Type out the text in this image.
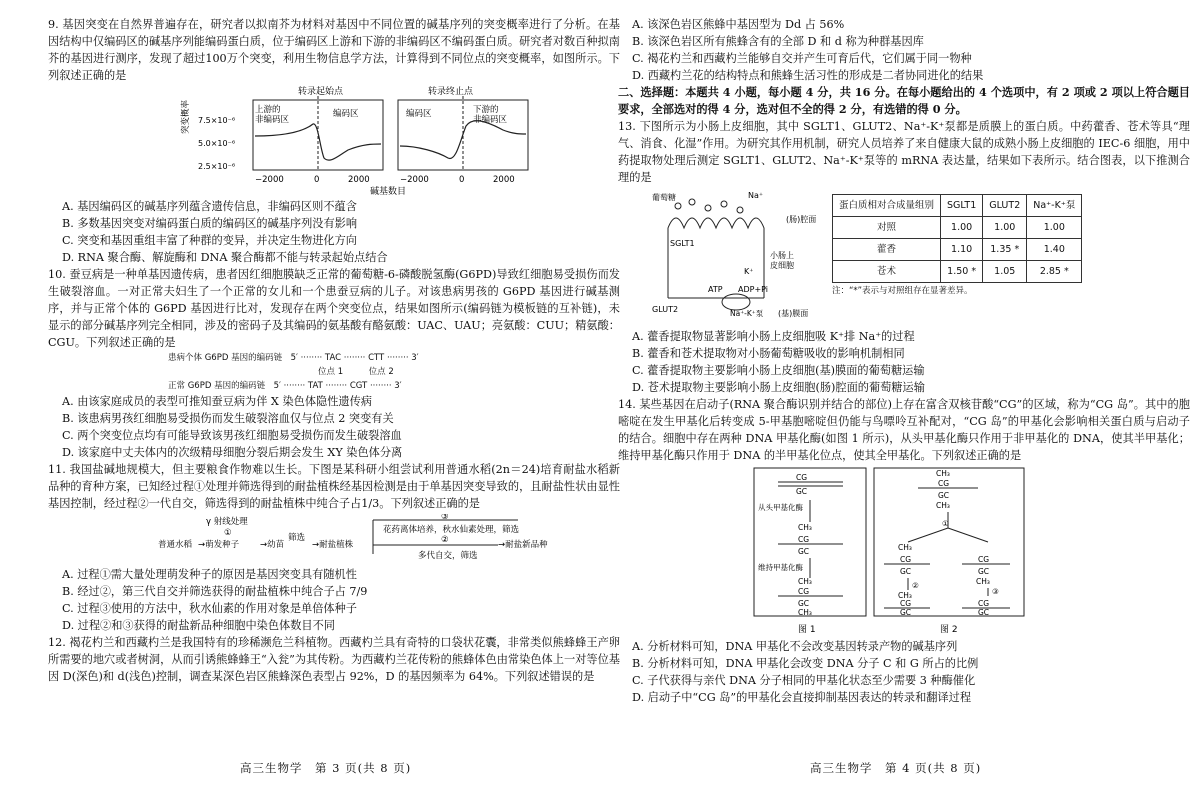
9. 基因突变在自然界普遍存在，研究者以拟南芥为材料对基因中不同位置的碱基序列的突变概率进行了分析。在基因结构中仅编码区的碱基序列能编码蛋白质，位于编码区上游和下游的非编码区不编码蛋白质。研究者对数百种拟南芥的基因进行测序，发现了超过100万个突变，利用生物信息学方法，计算得到不同位点的突变概率，如图所示。下列叙述正确的是

转录起始点	转录终止点
上游的
非编码区
编码区
7.5×10⁻⁶
5.0×10⁻⁶
2.5×10⁻⁶
突变概率
−2000	0	2000
编码区	下游的
非编码区
−2000	0	2000
碱基数目

A. 基因编码区的碱基序列蕴含遗传信息，非编码区则不蕴含

B. 多数基因突变对编码蛋白质的编码区的碱基序列没有影响

C. 突变和基因重组丰富了种群的变异，并决定生物进化方向

D. RNA 聚合酶、解旋酶和 DNA 聚合酶都不能与转录起始点结合

10. 蚕豆病是一种单基因遗传病，患者因红细胞膜缺乏正常的葡萄糖-6-磷酸脱氢酶(G6PD)导致红细胞易受损伤而发生破裂溶血。一对正常夫妇生了一个正常的女儿和一个患蚕豆病的儿子。对该患病男孩的 G6PD 基因进行碱基测序，并与正常个体的 G6PD 基因进行比对，发现存在两个突变位点，结果如图所示(编码链为模板链的互补链)，未显示的部分碱基序列完全相同，涉及的密码子及其编码的氨基酸有酪氨酸：UAC、UAU；亮氨酸：CUU；精氨酸：CGU。下列叙述正确的是

患病个体 G6PD 基因的编码链　5′ ········ TAC ········ CTT ········ 3′
位点 1　　　位点 2
正常 G6PD 基因的编码链　5′ ········ TAT ········ CGT ········ 3′

A. 由该家庭成员的表型可推知蚕豆病为伴 X 染色体隐性遗传病

B. 该患病男孩红细胞易受损伤而发生破裂溶血仅与位点 2 突变有关

C. 两个突变位点均有可能导致该男孩红细胞易受损伤而发生破裂溶血

D. 该家庭中丈夫体内的次级精母细胞分裂后期会发生 XY 染色体分离

11. 我国盐碱地规模大，但主要粮食作物难以生长。下图是某科研小组尝试利用普通水稻(2n＝24)培育耐盐水稻新品种的育种方案，已知经过程①处理并筛选得到的耐盐植株经基因检测是由于单基因突变导致的，且耐盐性状由显性基因控制，经过程②一代自交，筛选得到的耐盐植株中纯合子占1/3。下列叙述正确的是

γ 射线处理
①
普通水稻 →萌发种子 →幼苗
筛选
→耐盐植株
③
花药离体培养，秋水仙素处理，筛选
②
多代自交，筛选
→耐盐新品种

A. 过程①需大量处理萌发种子的原因是基因突变具有随机性

B. 经过②，第三代自交并筛选获得的耐盐植株中纯合子占 7/9

C. 过程③使用的方法中，秋水仙素的作用对象是单倍体种子

D. 过程②和③获得的耐盐新品种细胞中染色体数目不同

12. 褐花杓兰和西藏杓兰是我国特有的珍稀濒危兰科植物。西藏杓兰具有奇特的口袋状花囊，非常类似熊蜂蜂王产卵所需要的地穴或者树洞，从而引诱熊蜂蜂王“入瓮”为其传粉。为西藏杓兰花传粉的熊蜂体色由常染色体上一对等位基因 D(深色)和 d(浅色)控制，调查某深色岩区熊蜂深色表型占 92%，D 的基因频率为 64%。下列叙述错误的是

高三生物学　第 3 页(共 8 页)

A. 该深色岩区熊蜂中基因型为 Dd 占 56%

B. 该深色岩区所有熊蜂含有的全部 D 和 d 称为种群基因库

C. 褐花杓兰和西藏杓兰能够自交并产生可育后代，它们属于同一物种

D. 西藏杓兰花的结构特点和熊蜂生活习性的形成是二者协同进化的结果

二、选择题：本题共 4 小题，每小题 4 分，共 16 分。在每小题给出的 4 个选项中，有 2 项或 2 项以上符合题目要求，全部选对的得 4 分，选对但不全的得 2 分，有选错的得 0 分。

13. 下图所示为小肠上皮细胞，其中 SGLT1、GLUT2、Na⁺-K⁺泵都是质膜上的蛋白质。中药藿香、苍术等具“理气、消食、化湿”作用。为研究其作用机制，研究人员培养了来自健康大鼠的成熟小肠上皮细胞的 IEC-6 细胞，用中药提取物处理后测定 SGLT1、GLUT2、Na⁺-K⁺泵等的 mRNA 表达量，结果如下表所示。结合图表，以下推测合理的是

葡萄糖	Na⁺
(肠)腔面
SGLT1
小肠上
皮细胞
K⁺
ATP ADP+Pi
GLUT2	Na⁺-K⁺泵 (基)膜面
蛋白质相对合成量组别	SGLT1	GLUT2	Na⁺-K⁺泵
对照	1.00	1.00	1.00
藿香	1.10	1.35 *	1.40
苍术	1.50 *	1.05	2.85 *
注：“*”表示与对照组存在显著差异。

A. 藿香提取物显著影响小肠上皮细胞吸 K⁺排 Na⁺的过程

B. 藿香和苍术提取物对小肠葡萄糖吸收的影响机制相同

C. 藿香提取物主要影响小肠上皮细胞(基)膜面的葡萄糖运输

D. 苍术提取物主要影响小肠上皮细胞(肠)腔面的葡萄糖运输

14. 某些基因在启动子(RNA 聚合酶识别并结合的部位)上存在富含双核苷酸“CG”的区域，称为“CG 岛”。其中的胞嘧啶在发生甲基化后转变成 5-甲基胞嘧啶但仍能与鸟嘌呤互补配对，“CG 岛”的甲基化会影响相关蛋白质与启动子的结合。细胞中存在两种 DNA 甲基化酶(如图 1 所示)，从头甲基化酶只作用于非甲基化的 DNA，使其半甲基化；维持甲基化酶只作用于 DNA 的半甲基化位点，使其全甲基化。下列叙述正确的是

CG
GC
从头甲基化酶
CH₃
CG
GC
维持甲基化酶
CH₃
CG
GC
CH₃
图 1
CH₃
CG
GC
CH₃
①
CH₃
CG
GC
CG
GC
CH₃
②
③
CH₃
CG
GC
CG
GC
图 2

A. 分析材料可知，DNA 甲基化不会改变基因转录产物的碱基序列

B. 分析材料可知，DNA 甲基化会改变 DNA 分子 C 和 G 所占的比例

C. 子代获得与亲代 DNA 分子相同的甲基化状态至少需要 3 种酶催化

D. 启动子中“CG 岛”的甲基化会直接抑制基因表达的转录和翻译过程

高三生物学　第 4 页(共 8 页)
